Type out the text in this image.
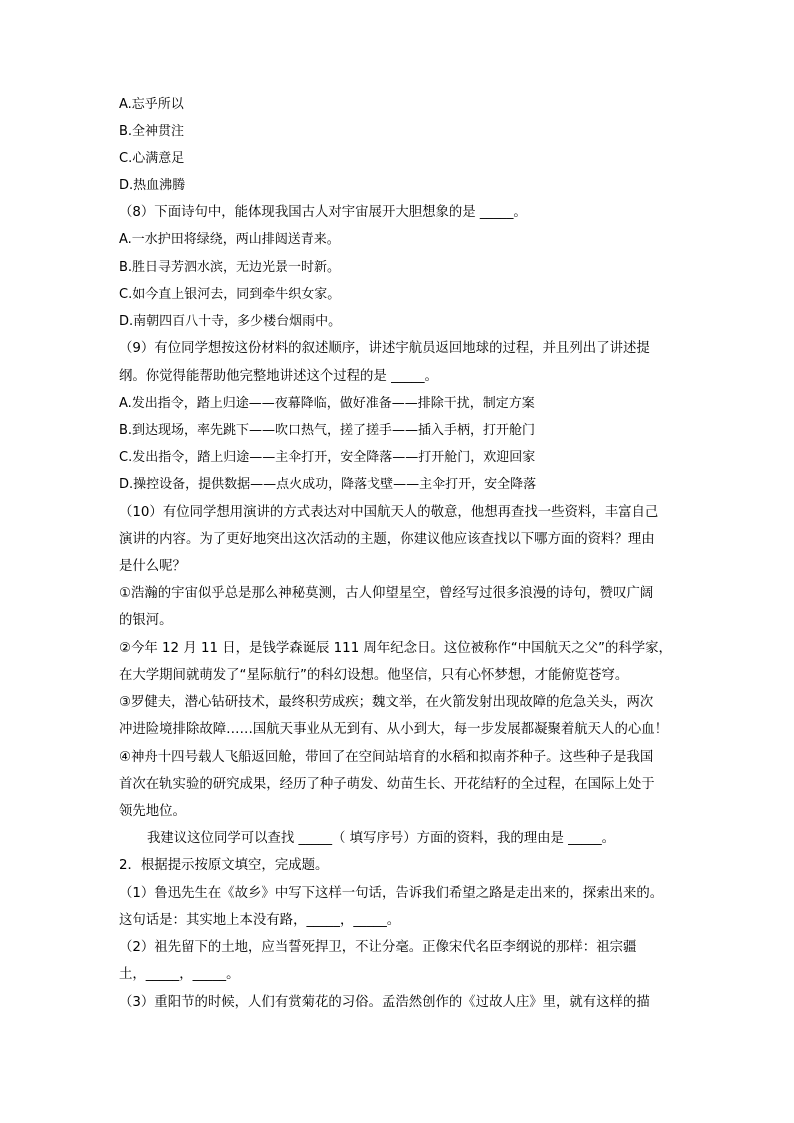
A.忘乎所以

B.全神贯注

C.心满意足

D.热血沸腾

（8）下面诗句中，能体现我国古人对宇宙展开大胆想象的是 _____。

A.一水护田将绿绕，两山排闼送青来。

B.胜日寻芳泗水滨，无边光景一时新。

C.如今直上银河去，同到牵牛织女家。

D.南朝四百八十寺，多少楼台烟雨中。

（9）有位同学想按这份材料的叙述顺序，讲述宇航员返回地球的过程，并且列出了讲述提

纲。你觉得能帮助他完整地讲述这个过程的是 _____。

A.发出指令，踏上归途——夜幕降临，做好准备——排除干扰，制定方案

B.到达现场，率先跳下——吹口热气，搓了搓手——插入手柄，打开舱门

C.发出指令，踏上归途——主伞打开，安全降落——打开舱门，欢迎回家

D.操控设备，提供数据——点火成功，降落戈壁——主伞打开，安全降落

（10）有位同学想用演讲的方式表达对中国航天人的敬意，他想再查找一些资料，丰富自己

演讲的内容。为了更好地突出这次活动的主题，你建议他应该查找以下哪方面的资料？理由

是什么呢？

①浩瀚的宇宙似乎总是那么神秘莫测，古人仰望星空，曾经写过很多浪漫的诗句，赞叹广阔

的银河。

②今年 12 月 11 日，是钱学森诞辰 111 周年纪念日。这位被称作“中国航天之父”的科学家，

在大学期间就萌发了“星际航行”的科幻设想。他坚信，只有心怀梦想，才能俯览苍穹。

③罗健夫，潜心钻研技术，最终积劳成疾；魏文举，在火箭发射出现故障的危急关头，两次

冲进险境排除故障……国航天事业从无到有、从小到大，每一步发展都凝聚着航天人的心血！

④神舟十四号载人飞船返回舱，带回了在空间站培育的水稻和拟南芥种子。这些种子是我国

首次在轨实验的研究成果，经历了种子萌发、幼苗生长、开花结籽的全过程，在国际上处于

领先地位。

我建议这位同学可以查找 _____（ 填写序号）方面的资料，我的理由是 _____。

2．根据提示按原文填空，完成题。

（1）鲁迅先生在《故乡》中写下这样一句话，告诉我们希望之路是走出来的，探索出来的。

这句话是：其实地上本没有路，_____，_____。

（2）祖先留下的土地，应当誓死捍卫，不让分毫。正像宋代名臣李纲说的那样：祖宗疆

土，_____，_____。

（3）重阳节的时候，人们有赏菊花的习俗。孟浩然创作的《过故人庄》里，就有这样的描
